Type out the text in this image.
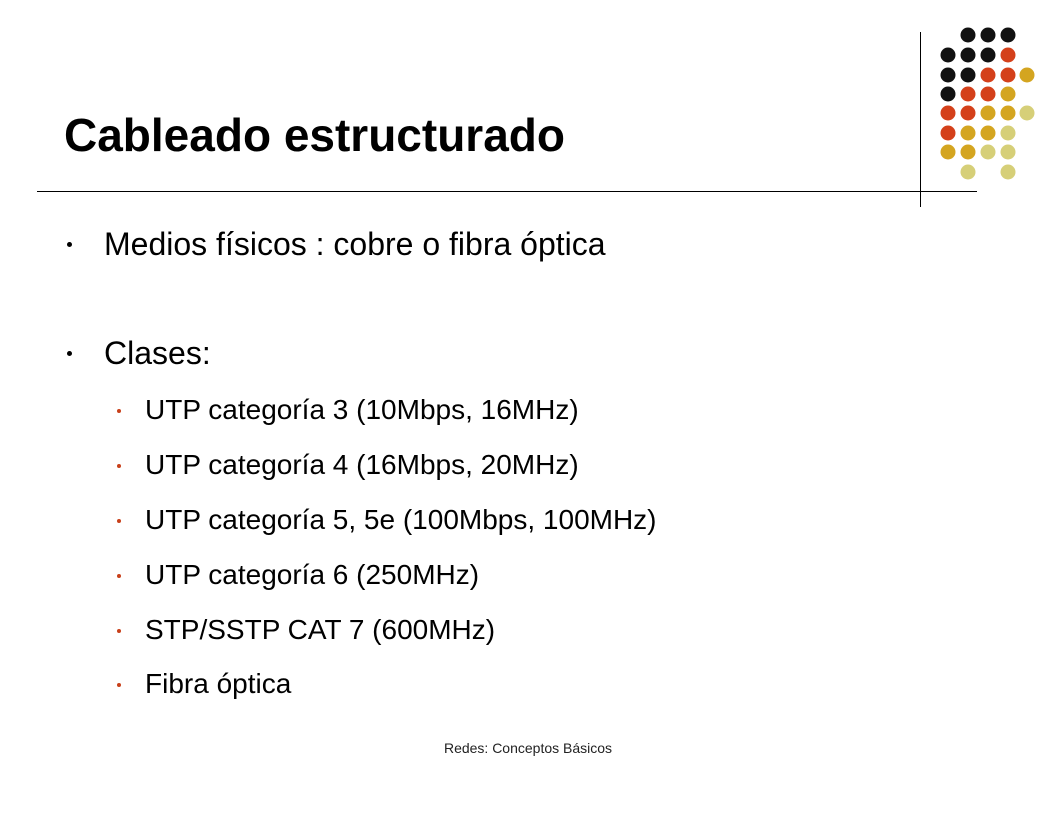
Cableado estructurado
Medios físicos : cobre o fibra óptica
Clases:
UTP categoría 3 (10Mbps, 16MHz)
UTP categoría 4 (16Mbps, 20MHz)
UTP categoría 5, 5e (100Mbps, 100MHz)
UTP categoría 6 (250MHz)
STP/SSTP CAT 7 (600MHz)
Fibra óptica
Redes: Conceptos Básicos
